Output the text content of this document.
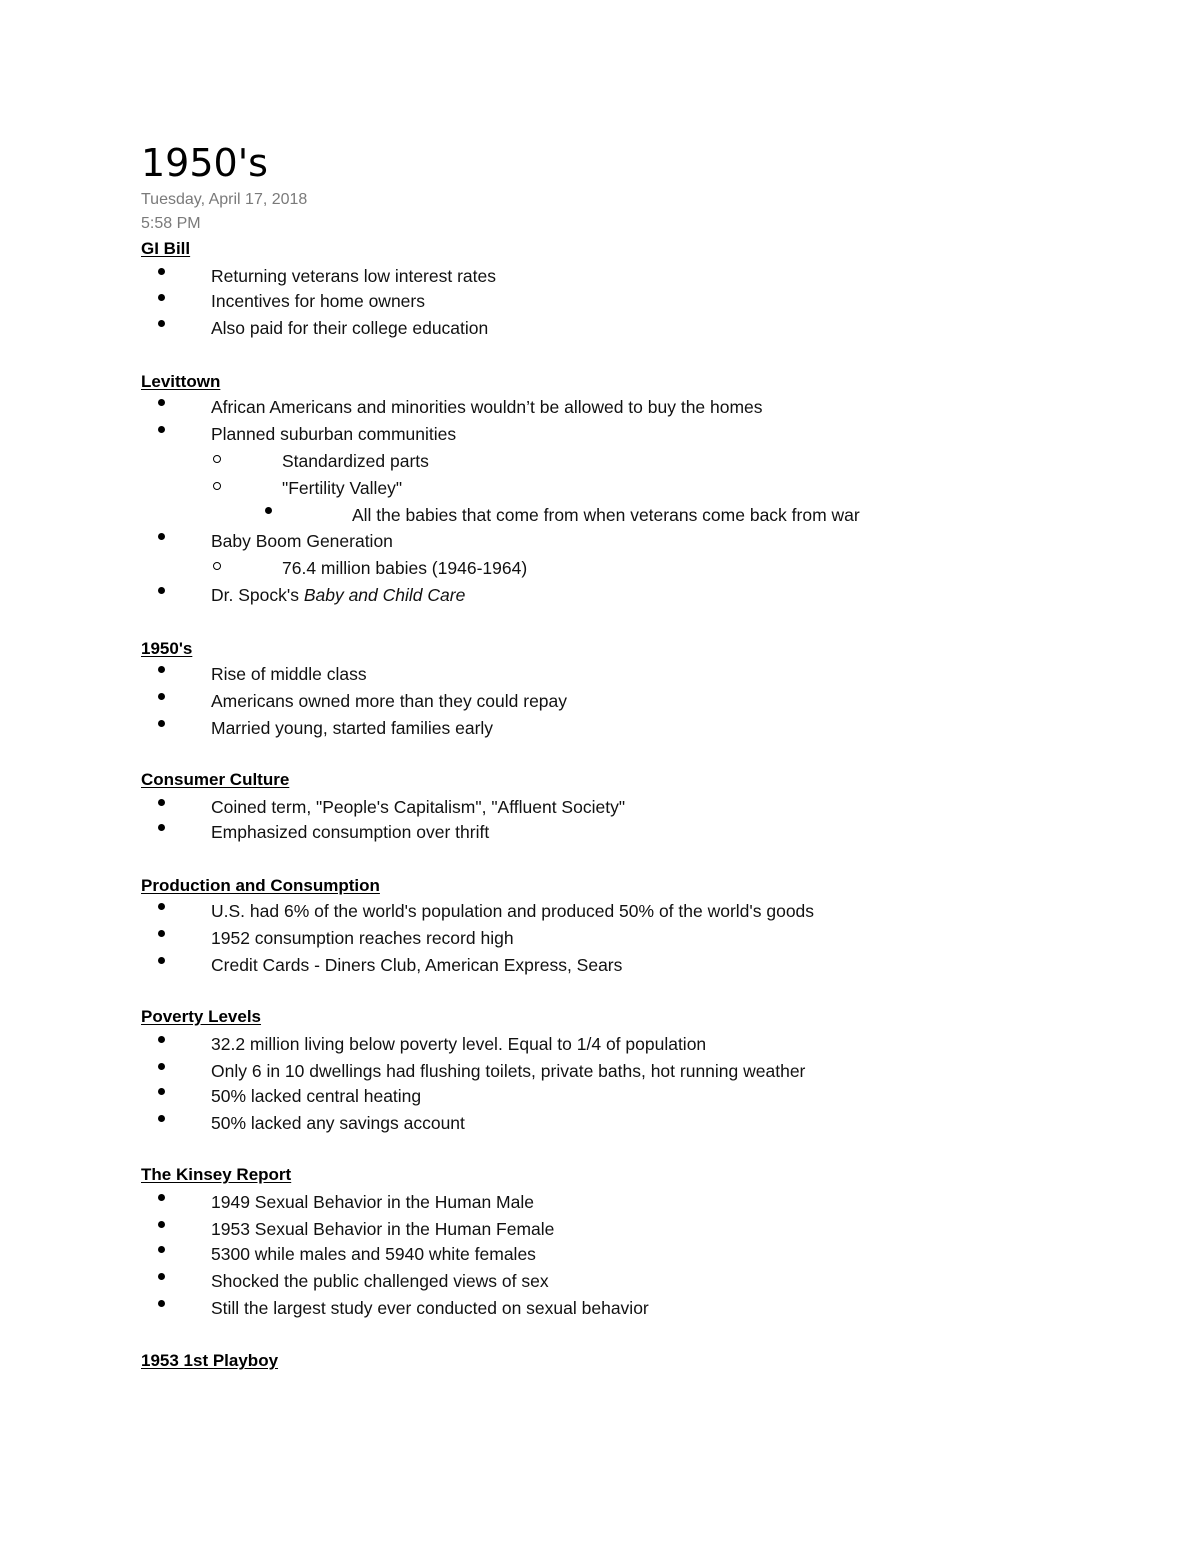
1950's
Tuesday, April 17, 2018
5:58 PM
GI Bill
Returning veterans low interest rates
Incentives for home owners
Also paid for their college education
Levittown
African Americans and minorities wouldn’t be allowed to buy the homes
Planned suburban communities
Standardized parts
"Fertility Valley"
All the babies that come from when veterans come back from war
Baby Boom Generation
76.4 million babies (1946-1964)
Dr. Spock's Baby and Child Care
1950's
Rise of middle class
Americans owned more than they could repay
Married young, started families early
Consumer Culture
Coined term, "People's Capitalism", "Affluent Society"
Emphasized consumption over thrift
Production and Consumption
U.S. had 6% of the world's population and produced 50% of the world's goods
1952 consumption reaches record high
Credit Cards - Diners Club, American Express, Sears
Poverty Levels
32.2 million living below poverty level. Equal to 1/4 of population
Only 6 in 10 dwellings had flushing toilets, private baths, hot running weather
50% lacked central heating
50% lacked any savings account
The Kinsey Report
1949 Sexual Behavior in the Human Male
1953 Sexual Behavior in the Human Female
5300 while males and 5940 white females
Shocked the public challenged views of sex
Still the largest study ever conducted on sexual behavior
1953 1st Playboy
